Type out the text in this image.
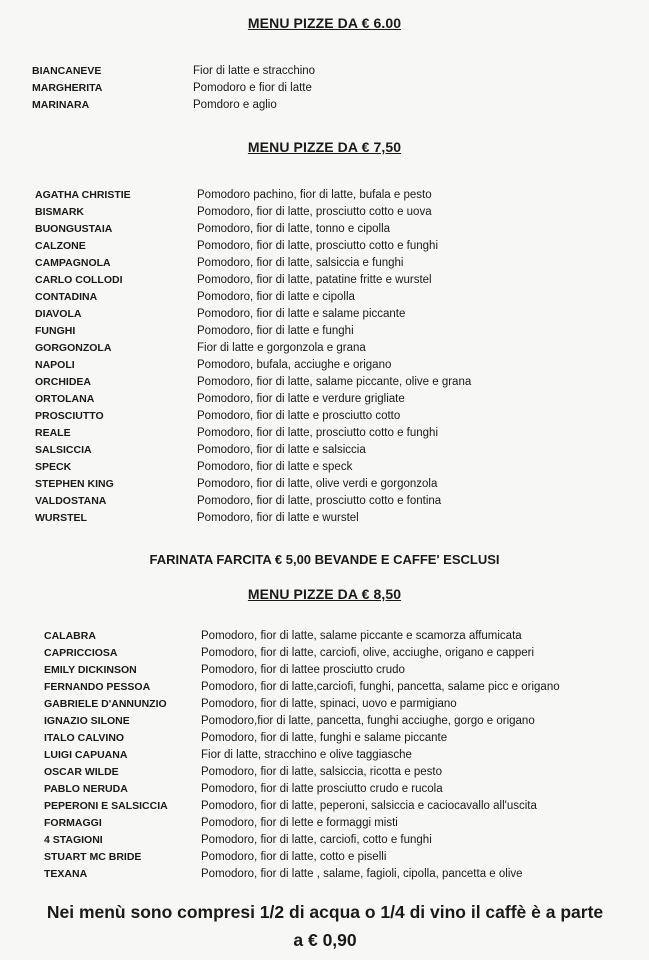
MENU PIZZE DA € 6.00
BIANCANEVE	Fior di latte e stracchino
MARGHERITA	Pomodoro e fior di latte
MARINARA	Pomdoro e aglio
MENU PIZZE DA € 7,50
AGATHA CHRISTIE	Pomodoro pachino, fior di latte, bufala e pesto
BISMARK	Pomodoro, fior di latte, prosciutto cotto e uova
BUONGUSTAIA	Pomodoro, fior di latte, tonno e cipolla
CALZONE	Pomodoro, fior di latte, prosciutto cotto e funghi
CAMPAGNOLA	Pomodoro, fior di latte, salsiccia e funghi
CARLO COLLODI	Pomodoro, fior di latte, patatine fritte e wurstel
CONTADINA	Pomodoro, fior di latte e cipolla
DIAVOLA	Pomodoro, fior di latte e salame piccante
FUNGHI	Pomodoro, fior di latte e funghi
GORGONZOLA	Fior di latte e gorgonzola e grana
NAPOLI	Pomodoro, bufala, acciughe e origano
ORCHIDEA	Pomodoro, fior di latte, salame piccante, olive e grana
ORTOLANA	Pomodoro, fior di latte e verdure grigliate
PROSCIUTTO	Pomodoro, fior di latte e prosciutto cotto
REALE	Pomodoro, fior di latte, prosciutto cotto e funghi
SALSICCIA	Pomodoro, fior di latte e salsiccia
SPECK	Pomodoro, fior di latte e speck
STEPHEN KING	Pomodoro, fior di latte, olive verdi e gorgonzola
VALDOSTANA	Pomodoro, fior di latte, prosciutto cotto e fontina
WURSTEL	Pomodoro, fior di latte e wurstel
FARINATA FARCITA € 5,00 BEVANDE E CAFFE' ESCLUSI
MENU PIZZE DA € 8,50
CALABRA	Pomodoro, fior di latte, salame piccante e scamorza affumicata
CAPRICCIOSA	Pomodoro, fior di latte, carciofi, olive, acciughe, origano e capperi
EMILY DICKINSON	Pomodoro, fior di lattee prosciutto crudo
FERNANDO PESSOA	Pomodoro, fior di latte,carciofi, funghi, pancetta, salame picc e origano
GABRIELE D'ANNUNZIO	Pomodoro, fior di latte, spinaci, uovo e parmigiano
IGNAZIO SILONE	Pomodoro,fior di latte, pancetta, funghi acciughe, gorgo e origano
ITALO CALVINO	Pomodoro, fior di latte, funghi e salame piccante
LUIGI CAPUANA	Fior di latte, stracchino e olive taggiasche
OSCAR WILDE	Pomodoro, fior di latte, salsiccia, ricotta e pesto
PABLO NERUDA	Pomodoro, fior di latte prosciutto crudo e rucola
PEPERONI E SALSICCIA	Pomodoro, fior di latte, peperoni, salsiccia e caciocavallo all'uscita
FORMAGGI	Pomodoro, fior di lette e formaggi misti
4 STAGIONI	Pomodoro, fior di latte, carciofi, cotto e funghi
STUART MC BRIDE	Pomodoro, fior di latte, cotto e piselli
TEXANA	Pomodoro, fior di latte , salame, fagioli, cipolla, pancetta e olive
Nei menù sono compresi 1/2 di acqua o 1/4 di vino il caffè è a parte a € 0,90
